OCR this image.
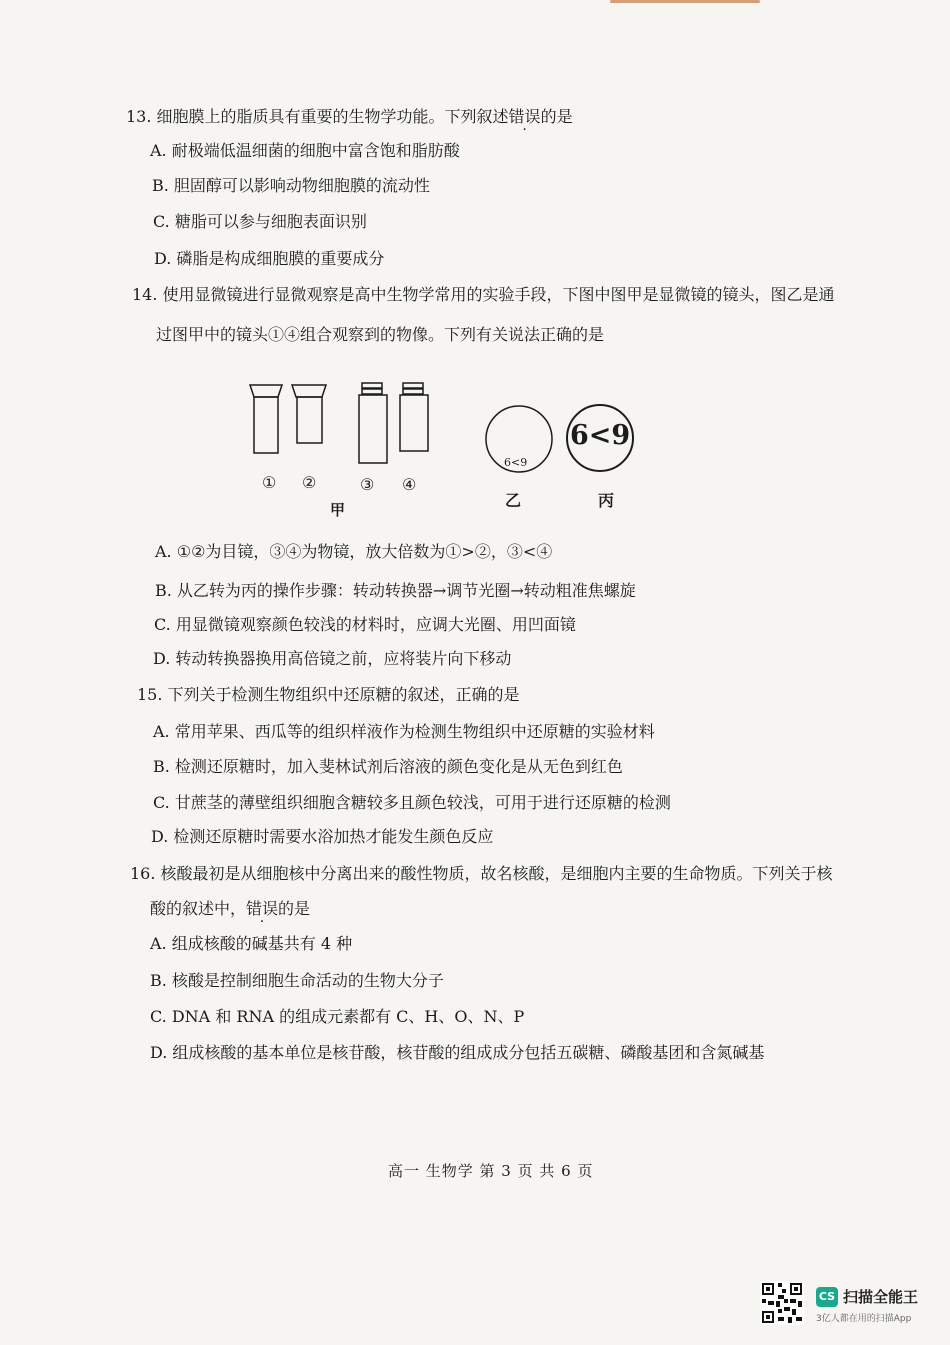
13. 细胞膜上的脂质具有重要的生物学功能。下列叙述错误的是
A. 耐极端低温细菌的细胞中富含饱和脂肪酸
B. 胆固醇可以影响动物细胞膜的流动性
C. 糖脂可以参与细胞表面识别
D. 磷脂是构成细胞膜的重要成分
14. 使用显微镜进行显微观察是高中生物学常用的实验手段，下图中图甲是显微镜的镜头，图乙是通
过图甲中的镜头①④组合观察到的物像。下列有关说法正确的是
① ②	③ ④
甲
6<9
6<9
乙	丙
A. ①②为目镜，③④为物镜，放大倍数为①>②，③<④
B. 从乙转为丙的操作步骤：转动转换器→调节光圈→转动粗准焦螺旋
C. 用显微镜观察颜色较浅的材料时，应调大光圈、用凹面镜
D. 转动转换器换用高倍镜之前，应将装片向下移动
15. 下列关于检测生物组织中还原糖的叙述，正确的是
A. 常用苹果、西瓜等的组织样液作为检测生物组织中还原糖的实验材料
B. 检测还原糖时，加入斐林试剂后溶液的颜色变化是从无色到红色
C. 甘蔗茎的薄壁组织细胞含糖较多且颜色较浅，可用于进行还原糖的检测
D. 检测还原糖时需要水浴加热才能发生颜色反应
16. 核酸最初是从细胞核中分离出来的酸性物质，故名核酸，是细胞内主要的生命物质。下列关于核
酸的叙述中，错误的是
A. 组成核酸的碱基共有 4 种
B. 核酸是控制细胞生命活动的生物大分子
C. DNA 和 RNA 的组成元素都有 C、H、O、N、P
D. 组成核酸的基本单位是核苷酸，核苷酸的组成成分包括五碳糖、磷酸基团和含氮碱基
高一 生物学 第 3 页 共 6 页
CS 扫描全能王
3亿人都在用的扫描App
